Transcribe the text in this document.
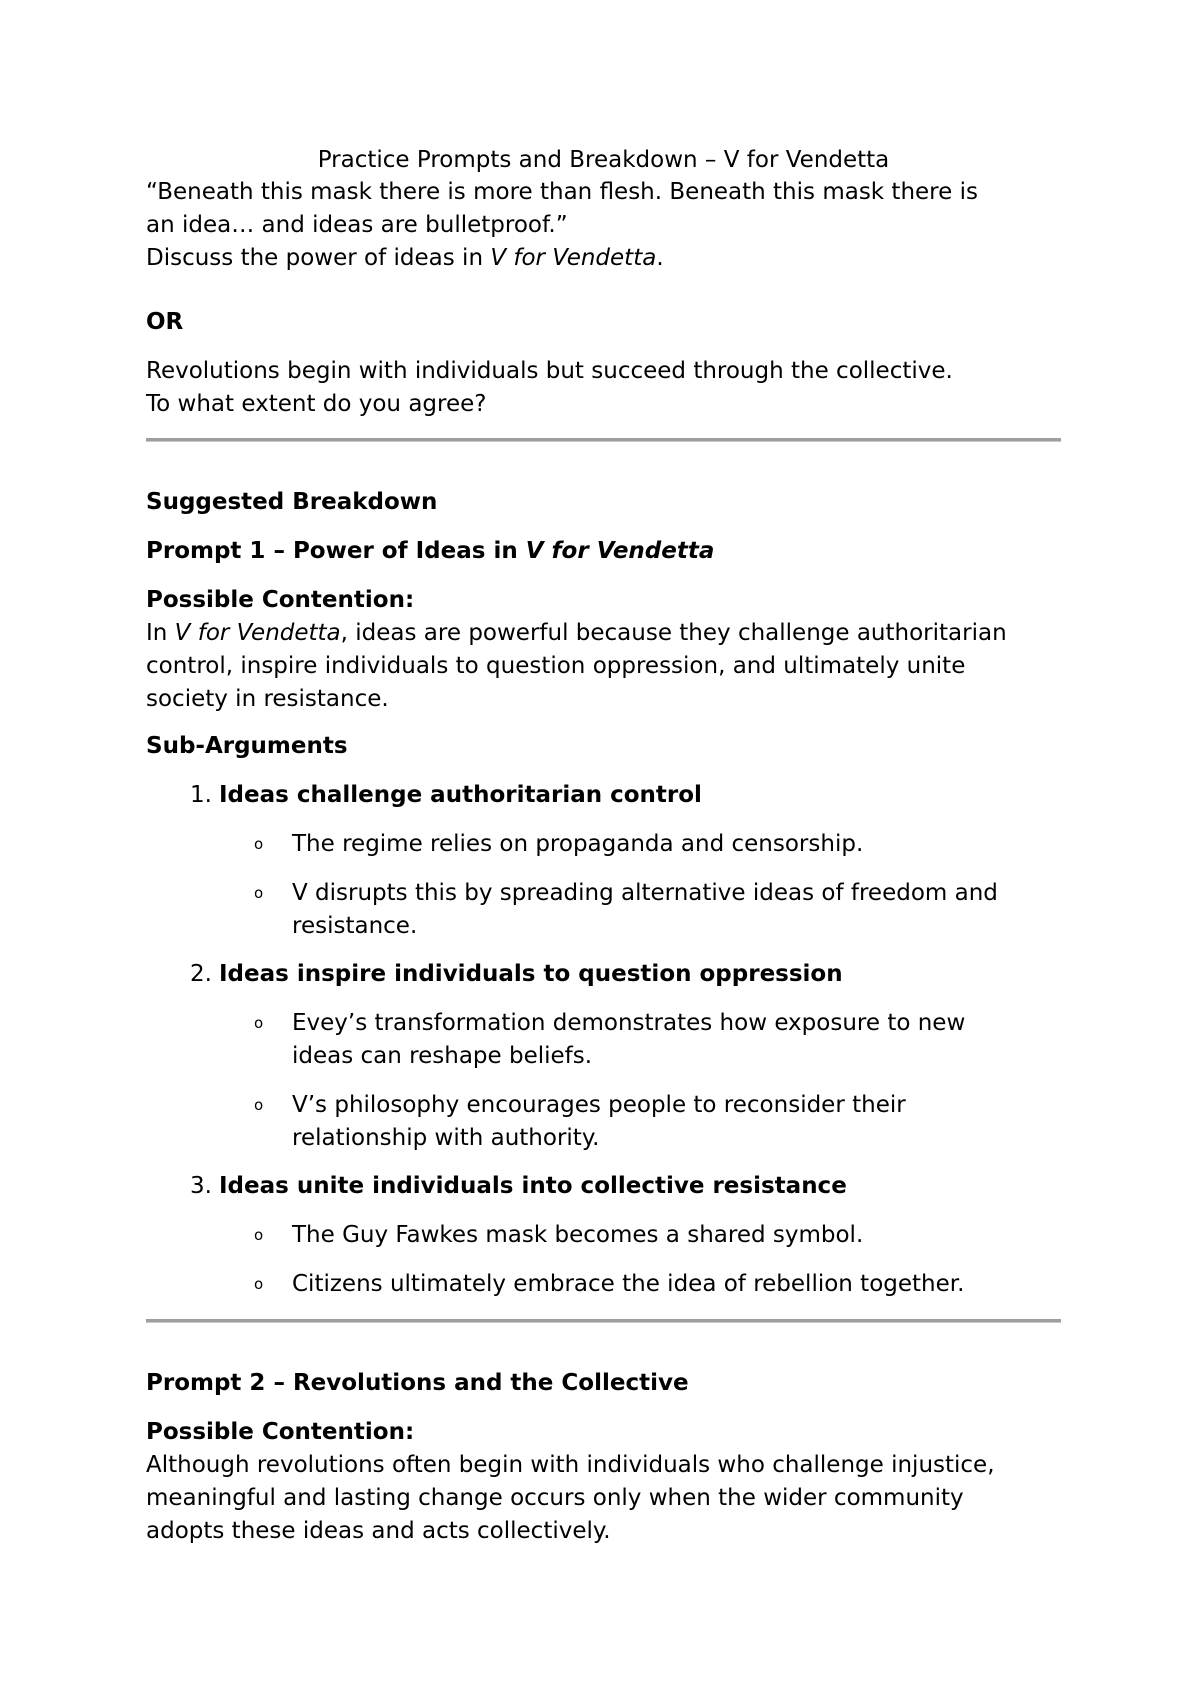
Practice Prompts and Breakdown – V for Vendetta

“Beneath this mask there is more than flesh. Beneath this mask there is
an idea… and ideas are bulletproof.”
Discuss the power of ideas in V for Vendetta.

OR

Revolutions begin with individuals but succeed through the collective.
To what extent do you agree?

Suggested Breakdown

Prompt 1 – Power of Ideas in V for Vendetta

Possible Contention:
In V for Vendetta, ideas are powerful because they challenge authoritarian
control, inspire individuals to question oppression, and ultimately unite
society in resistance.

Sub-Arguments

1. Ideas challenge authoritarian control
o The regime relies on propaganda and censorship.
o V disrupts this by spreading alternative ideas of freedom and
resistance.
2. Ideas inspire individuals to question oppression
o Evey’s transformation demonstrates how exposure to new
ideas can reshape beliefs.
o V’s philosophy encourages people to reconsider their
relationship with authority.
3. Ideas unite individuals into collective resistance
o The Guy Fawkes mask becomes a shared symbol.
o Citizens ultimately embrace the idea of rebellion together.

Prompt 2 – Revolutions and the Collective

Possible Contention:
Although revolutions often begin with individuals who challenge injustice,
meaningful and lasting change occurs only when the wider community
adopts these ideas and acts collectively.
